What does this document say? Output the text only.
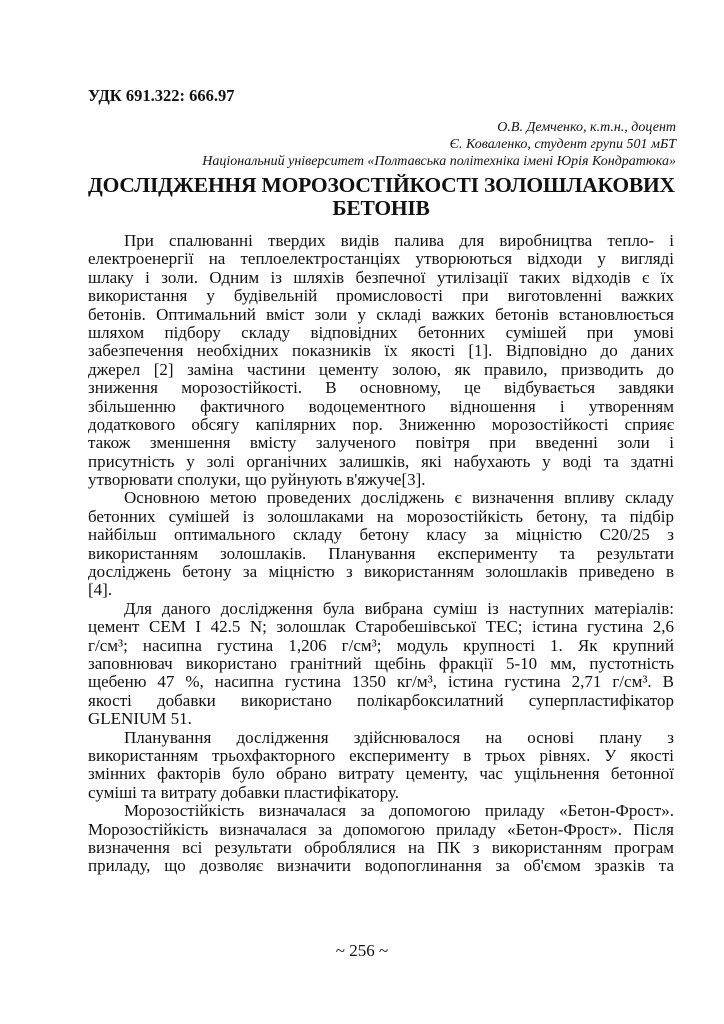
УДК 691.322: 666.97
О.В. Демченко, к.т.н., доцент
Є. Коваленко, студент групи 501 мБТ
Національний університет «Полтавська політехніка імені Юрія Кондратюка»
ДОСЛІДЖЕННЯ МОРОЗОСТІЙКОСТІ ЗОЛОШЛАКОВИХ
БЕТОНІВ
При спалюванні твердих видів палива для виробництва тепло- і
електроенергії на теплоелектростанціях утворюються відходи у вигляді
шлаку і золи. Одним із шляхів безпечної утилізації таких відходів є їх
використання у будівельній промисловості при виготовленні важких
бетонів. Оптимальний вміст золи у складі важких бетонів встановлюється
шляхом підбору складу відповідних бетонних сумішей при умові
забезпечення необхідних показників їх якості [1]. Відповідно до даних
джерел [2] заміна частини цементу золою, як правило, призводить до
зниження морозостійкості. В основному, це відбувається завдяки
збільшенню фактичного водоцементного відношення і утворенням
додаткового обсягу капілярних пор. Зниженню морозостійкості сприяє
також зменшення вмісту залученого повітря при введенні золи і
присутність у золі органічних залишків, які набухають у воді та здатні
утворювати сполуки, що руйнують в'яжуче[3].
Основною метою проведених досліджень є визначення впливу складу
бетонних сумішей із золошлаками на морозостійкість бетону, та підбір
найбільш оптимального складу бетону класу за міцністю С20/25 з
використанням золошлаків. Планування експерименту та результати
досліджень бетону за міцністю з використанням золошлаків приведено в
[4].
Для даного дослідження була вибрана суміш із наступних матеріалів:
цемент CEM I 42.5 N; золошлак Старобешівської ТЕС; істина густина 2,6
г/см³; насипна густина 1,206 г/см³; модуль крупності 1. Як крупний
заповнювач використано гранітний щебінь фракції 5-10 мм, пустотність
щебеню 47 %, насипна густина 1350 кг/м³, істина густина 2,71 г/см³. В
якості добавки використано полікарбоксилатний суперпластифікатор
GLENIUM 51.
Планування дослідження здійснювалося на основі плану з
використанням трьохфакторного експерименту в трьох рівнях. У якості
змінних факторів було обрано витрату цементу, час ущільнення бетонної
суміші та витрату добавки пластифікатору.
Морозостійкість визначалася за допомогою приладу «Бетон-Фрост».
Морозостійкість визначалася за допомогою приладу «Бетон-Фрост». Після
визначення всі результати оброблялися на ПК з використанням програм
приладу, що дозволяє визначити водопоглинання за об'ємом зразків та
~ 256 ~
